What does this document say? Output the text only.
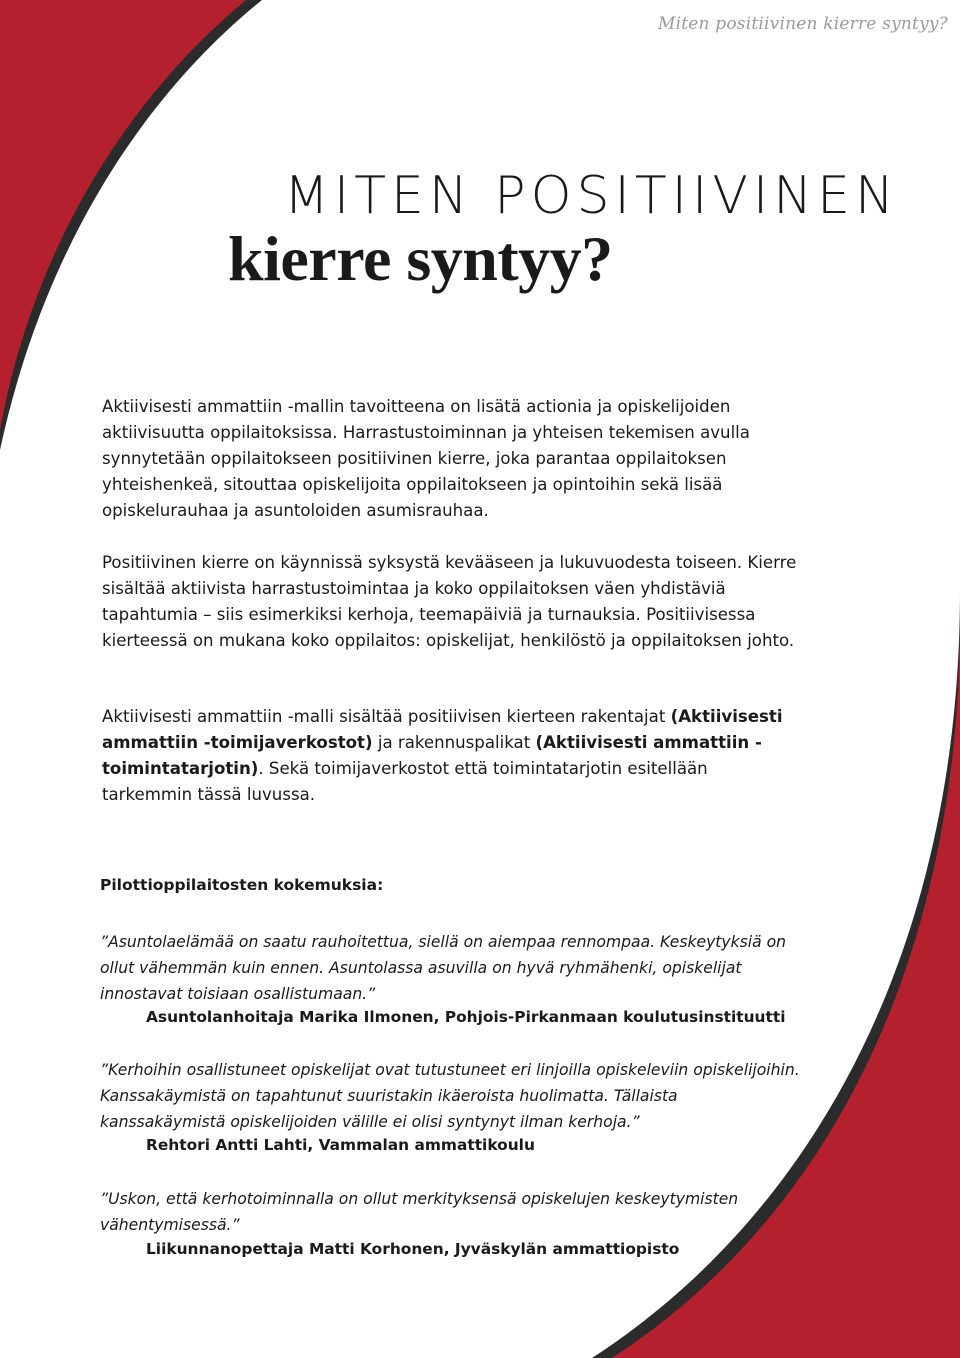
Miten positiivinen kierre syntyy?
MITEN POSITIIVINEN
kierre syntyy?

Aktiivisesti ammattiin -mallin tavoitteena on lisätä actionia ja opiskelijoiden aktiivisuutta oppilaitoksissa. Harrastustoiminnan ja yhteisen tekemisen avulla synnytetään oppilaitokseen positiivinen kierre, joka parantaa oppilaitoksen yhteishenkeä, sitouttaa opiskelijoita oppilaitokseen ja opintoihin sekä lisää opiskelurauhaa ja asuntoloiden asumisrauhaa.

Positiivinen kierre on käynnissä syksystä kevääseen ja lukuvuodesta toiseen. Kierre sisältää aktiivista harrastustoimintaa ja koko oppilaitoksen väen yhdistäviä tapahtumia – siis esimerkiksi kerhoja, teemapäiviä ja turnauksia. Positiivisessa kierteessä on mukana koko oppilaitos: opiskelijat, henkilöstö ja oppilaitoksen johto.

Aktiivisesti ammattiin -malli sisältää positiivisen kierteen rakentajat (Aktiivisesti ammattiin -toimijaverkostot) ja rakennuspalikat (Aktiivisesti ammattiin -toimintatarjotin). Sekä toimijaverkostot että toimintatarjotin esitellään tarkemmin tässä luvussa.

Pilottioppilaitosten kokemuksia:

”Asuntolaelämää on saatu rauhoitettua, siellä on aiempaa rennompaa. Keskeytyksiä on ollut vähemmän kuin ennen. Asuntolassa asuvilla on hyvä ryhmähenki, opiskelijat innostavat toisiaan osallistumaan.”

Asuntolanhoitaja Marika Ilmonen, Pohjois-Pirkanmaan koulutusinstituutti

”Kerhoihin osallistuneet opiskelijat ovat tutustuneet eri linjoilla opiskeleviin opiskelijoihin. Kanssakäymistä on tapahtunut suuristakin ikäeroista huolimatta. Tällaista kanssakäymistä opiskelijoiden välille ei olisi syntynyt ilman kerhoja.”

Rehtori Antti Lahti, Vammalan ammattikoulu

”Uskon, että kerhotoiminnalla on ollut merkityksensä opiskelujen keskeytymisten vähentymisessä.”

Liikunnanopettaja Matti Korhonen, Jyväskylän ammattiopisto
